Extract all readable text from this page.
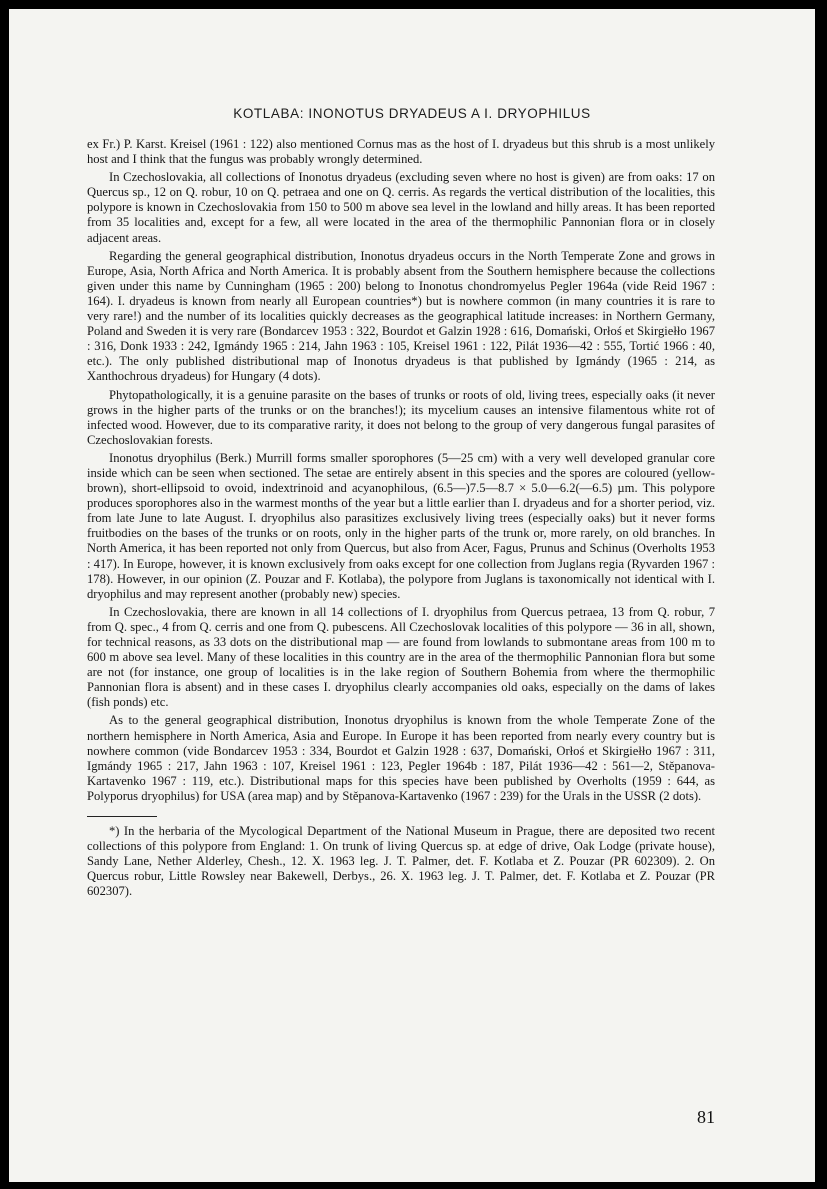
KOTLABA: INONOTUS DRYADEUS A I. DRYOPHILUS

ex Fr.) P. Karst. Kreisel (1961 : 122) also mentioned Cornus mas as the host of I. dryadeus but this shrub is a most unlikely host and I think that the fungus was probably wrongly determined.

In Czechoslovakia, all collections of Inonotus dryadeus (excluding seven where no host is given) are from oaks: 17 on Quercus sp., 12 on Q. robur, 10 on Q. petraea and one on Q. cerris. As regards the vertical distribution of the localities, this polypore is known in Czechoslovakia from 150 to 500 m above sea level in the lowland and hilly areas. It has been reported from 35 localities and, except for a few, all were located in the area of the thermophilic Pannonian flora or in closely adjacent areas.

Regarding the general geographical distribution, Inonotus dryadeus occurs in the North Temperate Zone and grows in Europe, Asia, North Africa and North America. It is probably absent from the Southern hemisphere because the collections given under this name by Cunningham (1965 : 200) belong to Inonotus chondromyelus Pegler 1964a (vide Reid 1967 : 164). I. dryadeus is known from nearly all European countries*) but is nowhere common (in many countries it is rare to very rare!) and the number of its localities quickly decreases as the geographical latitude increases: in Northern Germany, Poland and Sweden it is very rare (Bondarcev 1953 : 322, Bourdot et Galzin 1928 : 616, Domański, Orłoś et Skirgiełło 1967 : 316, Donk 1933 : 242, Igmándy 1965 : 214, Jahn 1963 : 105, Kreisel 1961 : 122, Pilát 1936—42 : 555, Tortić 1966 : 40, etc.). The only published distributional map of Inonotus dryadeus is that published by Igmándy (1965 : 214, as Xanthochrous dryadeus) for Hungary (4 dots).

Phytopathologically, it is a genuine parasite on the bases of trunks or roots of old, living trees, especially oaks (it never grows in the higher parts of the trunks or on the branches!); its mycelium causes an intensive filamentous white rot of infected wood. However, due to its comparative rarity, it does not belong to the group of very dangerous fungal parasites of Czechoslovakian forests.

Inonotus dryophilus (Berk.) Murrill forms smaller sporophores (5—25 cm) with a very well developed granular core inside which can be seen when sectioned. The setae are entirely absent in this species and the spores are coloured (yellow-brown), short-ellipsoid to ovoid, indextrinoid and acyanophilous, (6.5—)7.5—8.7 × 5.0—6.2(—6.5) µm. This polypore produces sporophores also in the warmest months of the year but a little earlier than I. dryadeus and for a shorter period, viz. from late June to late August. I. dryophilus also parasitizes exclusively living trees (especially oaks) but it never forms fruitbodies on the bases of the trunks or on roots, only in the higher parts of the trunk or, more rarely, on old branches. In North America, it has been reported not only from Quercus, but also from Acer, Fagus, Prunus and Schinus (Overholts 1953 : 417). In Europe, however, it is known exclusively from oaks except for one collection from Juglans regia (Ryvarden 1967 : 178). However, in our opinion (Z. Pouzar and F. Kotlaba), the polypore from Juglans is taxonomically not identical with I. dryophilus and may represent another (probably new) species.

In Czechoslovakia, there are known in all 14 collections of I. dryophilus from Quercus petraea, 13 from Q. robur, 7 from Q. spec., 4 from Q. cerris and one from Q. pubescens. All Czechoslovak localities of this polypore — 36 in all, shown, for technical reasons, as 33 dots on the distributional map — are found from lowlands to submontane areas from 100 m to 600 m above sea level. Many of these localities in this country are in the area of the thermophilic Pannonian flora but some are not (for instance, one group of localities is in the lake region of Southern Bohemia from where the thermophilic Pannonian flora is absent) and in these cases I. dryophilus clearly accompanies old oaks, especially on the dams of lakes (fish ponds) etc.

As to the general geographical distribution, Inonotus dryophilus is known from the whole Temperate Zone of the northern hemisphere in North America, Asia and Europe. In Europe it has been reported from nearly every country but is nowhere common (vide Bondarcev 1953 : 334, Bourdot et Galzin 1928 : 637, Domański, Orłoś et Skirgiełło 1967 : 311, Igmándy 1965 : 217, Jahn 1963 : 107, Kreisel 1961 : 123, Pegler 1964b : 187, Pilát 1936—42 : 561—2, Stěpanova-Kartavenko 1967 : 119, etc.). Distributional maps for this species have been published by Overholts (1959 : 644, as Polyporus dryophilus) for USA (area map) and by Stěpanova-Kartavenko (1967 : 239) for the Urals in the USSR (2 dots).

*) In the herbaria of the Mycological Department of the National Museum in Prague, there are deposited two recent collections of this polypore from England: 1. On trunk of living Quercus sp. at edge of drive, Oak Lodge (private house), Sandy Lane, Nether Alderley, Chesh., 12. X. 1963 leg. J. T. Palmer, det. F. Kotlaba et Z. Pouzar (PR 602309). 2. On Quercus robur, Little Rowsley near Bakewell, Derbys., 26. X. 1963 leg. J. T. Palmer, det. F. Kotlaba et Z. Pouzar (PR 602307).

81
